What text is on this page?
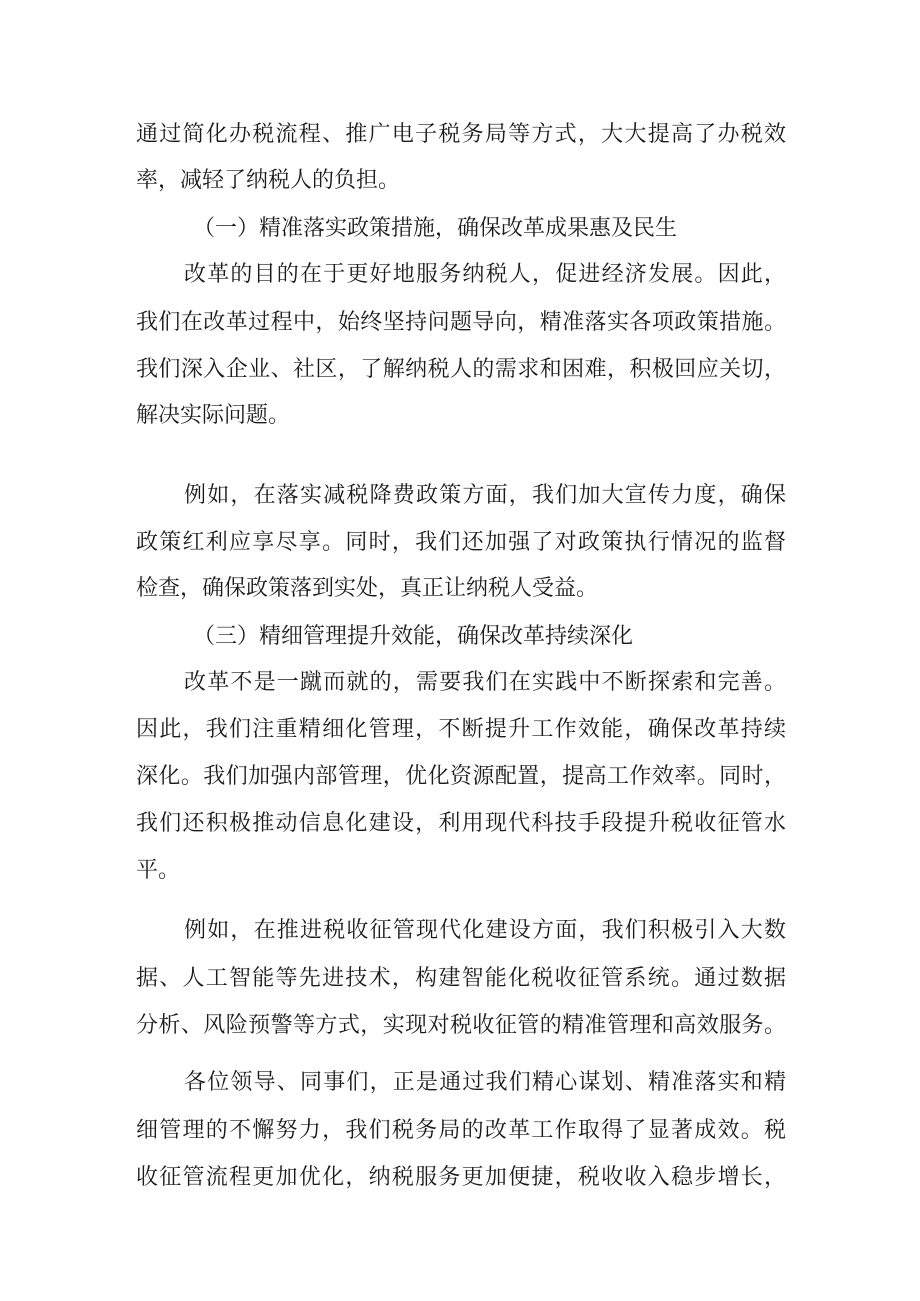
通过简化办税流程、推广电子税务局等方式，大大提高了办税效
率，减轻了纳税人的负担。
（一）精准落实政策措施，确保改革成果惠及民生
改革的目的在于更好地服务纳税人，促进经济发展。因此，
我们在改革过程中，始终坚持问题导向，精准落实各项政策措施。
我们深入企业、社区，了解纳税人的需求和困难，积极回应关切，
解决实际问题。
例如，在落实减税降费政策方面，我们加大宣传力度，确保
政策红利应享尽享。同时，我们还加强了对政策执行情况的监督
检查，确保政策落到实处，真正让纳税人受益。
（三）精细管理提升效能，确保改革持续深化
改革不是一蹴而就的，需要我们在实践中不断探索和完善。
因此，我们注重精细化管理，不断提升工作效能，确保改革持续
深化。我们加强内部管理，优化资源配置，提高工作效率。同时，
我们还积极推动信息化建设，利用现代科技手段提升税收征管水
平。
例如，在推进税收征管现代化建设方面，我们积极引入大数
据、人工智能等先进技术，构建智能化税收征管系统。通过数据
分析、风险预警等方式，实现对税收征管的精准管理和高效服务。
各位领导、同事们，正是通过我们精心谋划、精准落实和精
细管理的不懈努力，我们税务局的改革工作取得了显著成效。税
收征管流程更加优化，纳税服务更加便捷，税收收入稳步增长，
